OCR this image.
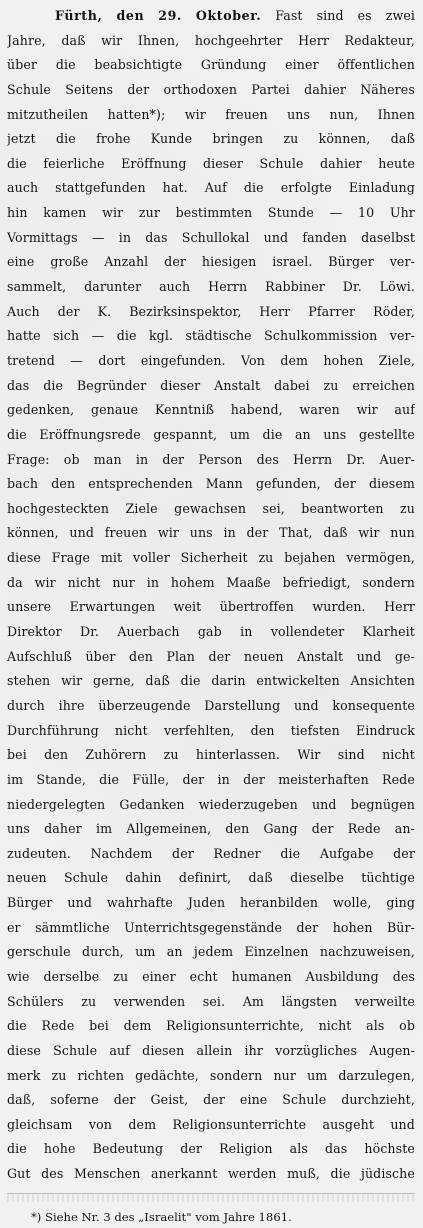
Fürth, den 29. Oktober. Fast sind es zwei
Jahre, daß wir Ihnen, hochgeehrter Herr Redakteur,
über die beabsichtigte Gründung einer öffentlichen
Schule Seitens der orthodoxen Partei dahier Näheres
mitzutheilen hatten*); wir freuen uns nun, Ihnen
jetzt die frohe Kunde bringen zu können, daß
die feierliche Eröffnung dieser Schule dahier heute
auch stattgefunden hat. Auf die erfolgte Einladung
hin kamen wir zur bestimmten Stunde — 10 Uhr
Vormittags — in das Schullokal und fanden daselbst
eine große Anzahl der hiesigen israel. Bürger ver-
sammelt, darunter auch Herrn Rabbiner Dr. Löwi.
Auch der K. Bezirksinspektor, Herr Pfarrer Röder,
hatte sich — die kgl. städtische Schulkommission ver-
tretend — dort eingefunden. Von dem hohen Ziele,
das die Begründer dieser Anstalt dabei zu erreichen
gedenken, genaue Kenntniß habend, waren wir auf
die Eröffnungsrede gespannt, um die an uns gestellte
Frage: ob man in der Person des Herrn Dr. Auer-
bach den entsprechenden Mann gefunden, der diesem
hochgesteckten Ziele gewachsen sei, beantworten zu
können, und freuen wir uns in der That, daß wir nun
diese Frage mit voller Sicherheit zu bejahen vermögen,
da wir nicht nur in hohem Maaße befriedigt, sondern
unsere Erwartungen weit übertroffen wurden. Herr
Direktor Dr. Auerbach gab in vollendeter Klarheit
Aufschluß über den Plan der neuen Anstalt und ge-
stehen wir gerne, daß die darin entwickelten Ansichten
durch ihre überzeugende Darstellung und konsequente
Durchführung nicht verfehlten, den tiefsten Eindruck
bei den Zuhörern zu hinterlassen. Wir sind nicht
im Stande, die Fülle, der in der meisterhaften Rede
niedergelegten Gedanken wiederzugeben und begnügen
uns daher im Allgemeinen, den Gang der Rede an-
zudeuten. Nachdem der Redner die Aufgabe der
neuen Schule dahin definirt, daß dieselbe tüchtige
Bürger und wahrhafte Juden heranbilden wolle, ging
er sämmtliche Unterrichtsgegenstände der hohen Bür-
gerschule durch, um an jedem Einzelnen nachzuweisen,
wie derselbe zu einer echt humanen Ausbildung des
Schülers zu verwenden sei. Am längsten verweilte
die Rede bei dem Religionsunterrichte, nicht als ob
diese Schule auf diesen allein ihr vorzügliches Augen-
merk zu richten gedächte, sondern nur um darzulegen,
daß, soferne der Geist, der eine Schule durchzieht,
gleichsam von dem Religionsunterrichte ausgeht und
die hohe Bedeutung der Religion als das höchste
Gut des Menschen anerkannt werden muß, die jüdische
*) Siehe Nr. 3 des „Israelit" vom Jahre 1861.
